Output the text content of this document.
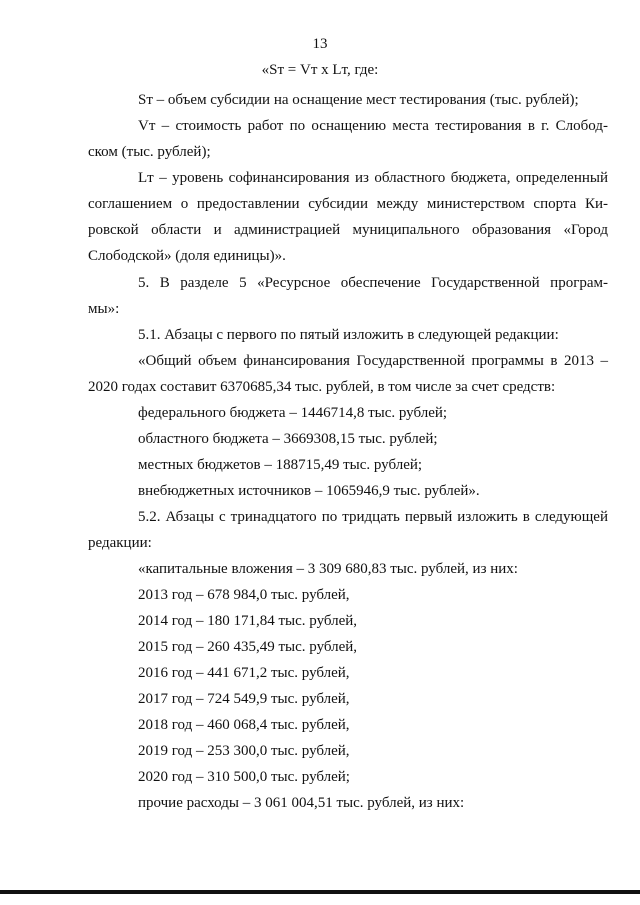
13
«Sт = Vт х Lт, где:
Sт – объем субсидии на оснащение мест тестирования (тыс. рублей);
Vт – стоимость работ по оснащению места тестирования в г. Слобод-
ском (тыс. рублей);
Lт – уровень софинансирования из областного бюджета, определенный
соглашением о предоставлении субсидии между министерством спорта Ки-
ровской области и администрацией муниципального образования «Город
Слободской» (доля единицы)».
5. В разделе 5 «Ресурсное обеспечение Государственной програм-
мы»:
5.1. Абзацы с первого по пятый изложить в следующей редакции:
«Общий объем финансирования Государственной программы в 2013 –
2020 годах составит 6370685,34 тыс. рублей, в том числе за счет средств:
федерального бюджета – 1446714,8 тыс. рублей;
областного бюджета – 3669308,15 тыс. рублей;
местных бюджетов – 188715,49 тыс. рублей;
внебюджетных источников – 1065946,9 тыс. рублей».
5.2. Абзацы с тринадцатого по тридцать первый изложить в следующей
редакции:
«капитальные вложения – 3 309 680,83 тыс. рублей, из них:
2013 год – 678 984,0 тыс. рублей,
2014 год – 180 171,84 тыс. рублей,
2015 год – 260 435,49 тыс. рублей,
2016 год – 441 671,2 тыс. рублей,
2017 год – 724 549,9 тыс. рублей,
2018 год – 460 068,4 тыс. рублей,
2019 год – 253 300,0 тыс. рублей,
2020 год – 310 500,0 тыс. рублей;
прочие расходы – 3 061 004,51 тыс. рублей, из них:
